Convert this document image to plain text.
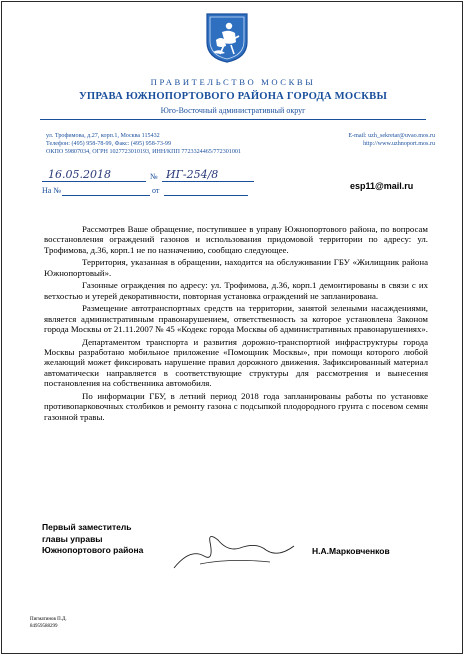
ПРАВИТЕЛЬСТВО МОСКВЫ
УПРАВА ЮЖНОПОРТОВОГО РАЙОНА ГОРОДА МОСКВЫ
Юго-Восточный административный округ
ул. Трофимова, д.27, корп.1, Москва 115432
Телефон: (495) 958-78-99, Факс: (495) 958-73-99
ОКПО 59807034, ОГРН 1027723010193, ИНН/КПП 7723324465/772301001
E-mail: uzh_sekretar@uvao.mos.ru
http://www.uzhnoport.mos.ru
16.05.2018	№ ИГ-254/8
На №	от	esp11@mail.ru

Рассмотрев Ваше обращение, поступившее в управу Южнопортового района, по вопросам восстановления ограждений газонов и использования придомовой территории по адресу: ул. Трофимова, д.36, корп.1 не по назначению, сообщаю следующее.

Территория, указанная в обращении, находится на обслуживании ГБУ «Жилищник района Южнопортовый».

Газонные ограждения по адресу: ул. Трофимова, д.36, корп.1 демонтированы в связи с их ветхостью и утерей декоративности, повторная установка ограждений не запланирована.

Размещение автотранспортных средств на территории, занятой зелеными насаждениями, является административным правонарушением, ответственность за которое установлена Законом города Москвы от 21.11.2007 № 45 «Кодекс города Москвы об административных правонарушениях».

Департаментом транспорта и развития дорожно-транспортной инфраструктуры города Москвы разработано мобильное приложение «Помощник Москвы», при помощи которого любой желающий может фиксировать нарушение правил дорожного движения. Зафиксированный материал автоматически направляется в соответствующие структуры для рассмотрения и вынесения постановления на собственника автомобиля.

По информации ГБУ, в летний период 2018 года запланированы работы по установке противопарковочных столбиков и ремонту газона с подсыпкой плодородного грунта с посевом семян газонной травы.

Первый заместитель
главы управы
Южнопортового района	Н.А.Марковченков
Пигматинов П.Д.
84959588299
